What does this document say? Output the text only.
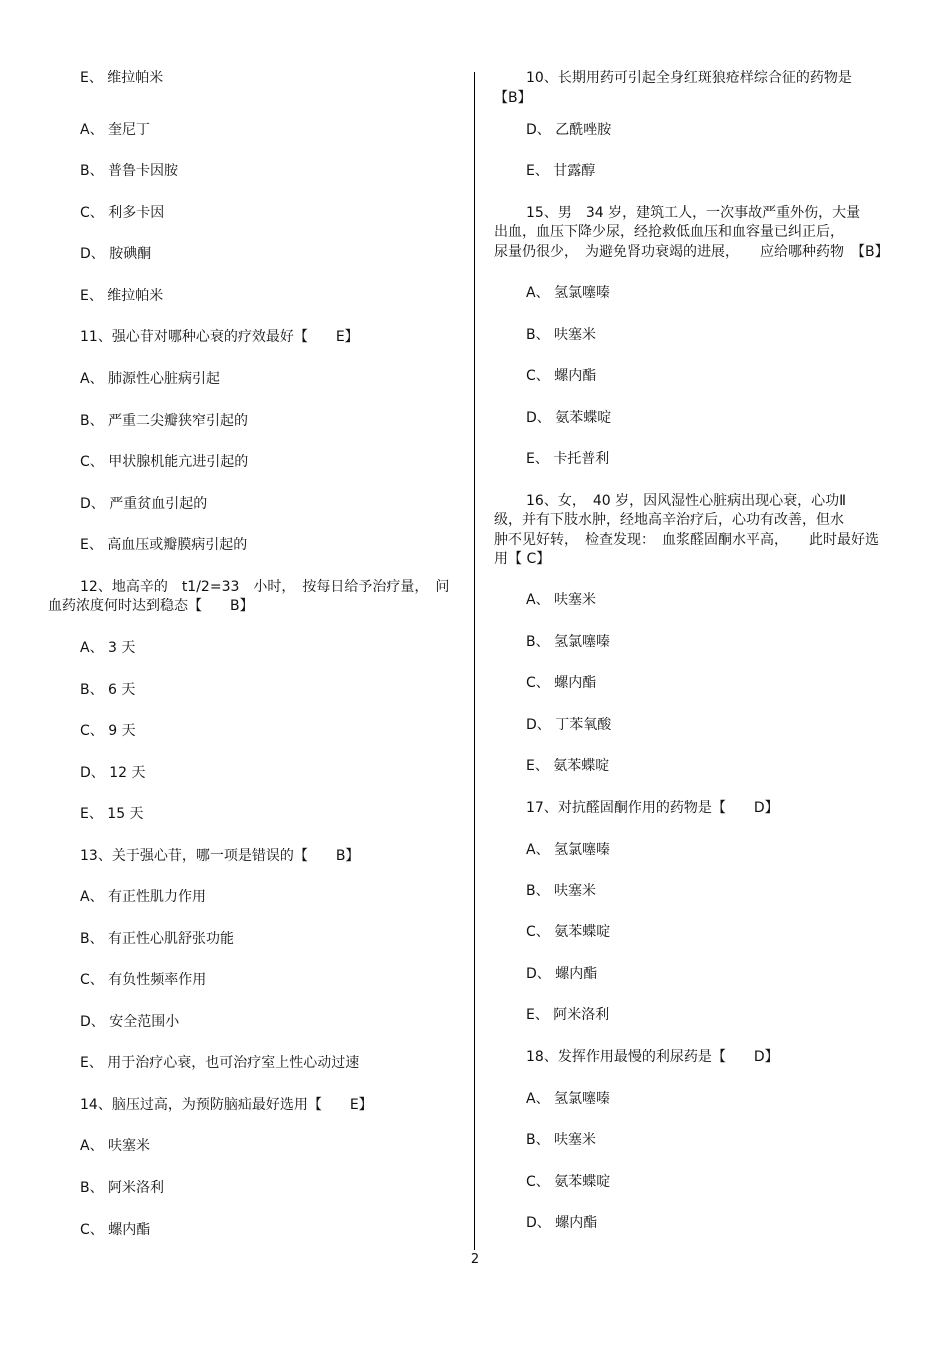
E、 维拉帕米
A、 奎尼丁
B、 普鲁卡因胺
C、 利多卡因
D、 胺碘酮
E、 维拉帕米
11、强心苷对哪种心衰的疗效最好【　　E】
A、 肺源性心脏病引起
B、 严重二尖瓣狭窄引起的
C、 甲状腺机能亢进引起的
D、 严重贫血引起的
E、 高血压或瓣膜病引起的
12、地高辛的　t1/2=33　小时，　按每日给予治疗量，　问
血药浓度何时达到稳态【　　B】
A、 3 天
B、 6 天
C、 9 天
D、 12 天
E、 15 天
13、关于强心苷，哪一项是错误的【　　B】
A、 有正性肌力作用
B、 有正性心肌舒张功能
C、 有负性频率作用
D、 安全范围小
E、 用于治疗心衰，也可治疗室上性心动过速
14、脑压过高，为预防脑疝最好选用【　　E】
A、 呋塞米
B、 阿米洛利
C、 螺内酯
10、长期用药可引起全身红斑狼疮样综合征的药物是
【B】
D、 乙酰唑胺
E、 甘露醇
15、男　34 岁，建筑工人，一次事故严重外伤，大量
出血，血压下降少尿，经抢救低血压和血容量已纠正后，
尿量仍很少，　为避免肾功衰竭的进展，　　应给哪种药物　【B】
A、 氢氯噻嗪
B、 呋塞米
C、 螺内酯
D、 氨苯蝶啶
E、 卡托普利
16、女，　40 岁，因风湿性心脏病出现心衰，心功Ⅱ
级，并有下肢水肿，经地高辛治疗后，心功有改善，但水
肿不见好转，　检查发现：　血浆醛固酮水平高，　　此时最好选
用【 C】
A、 呋塞米
B、 氢氯噻嗪
C、 螺内酯
D、 丁苯氧酸
E、 氨苯蝶啶
17、对抗醛固酮作用的药物是【　　D】
A、 氢氯噻嗪
B、 呋塞米
C、 氨苯蝶啶
D、 螺内酯
E、 阿米洛利
18、发挥作用最慢的利尿药是【　　D】
A、 氢氯噻嗪
B、 呋塞米
C、 氨苯蝶啶
D、 螺内酯
2
